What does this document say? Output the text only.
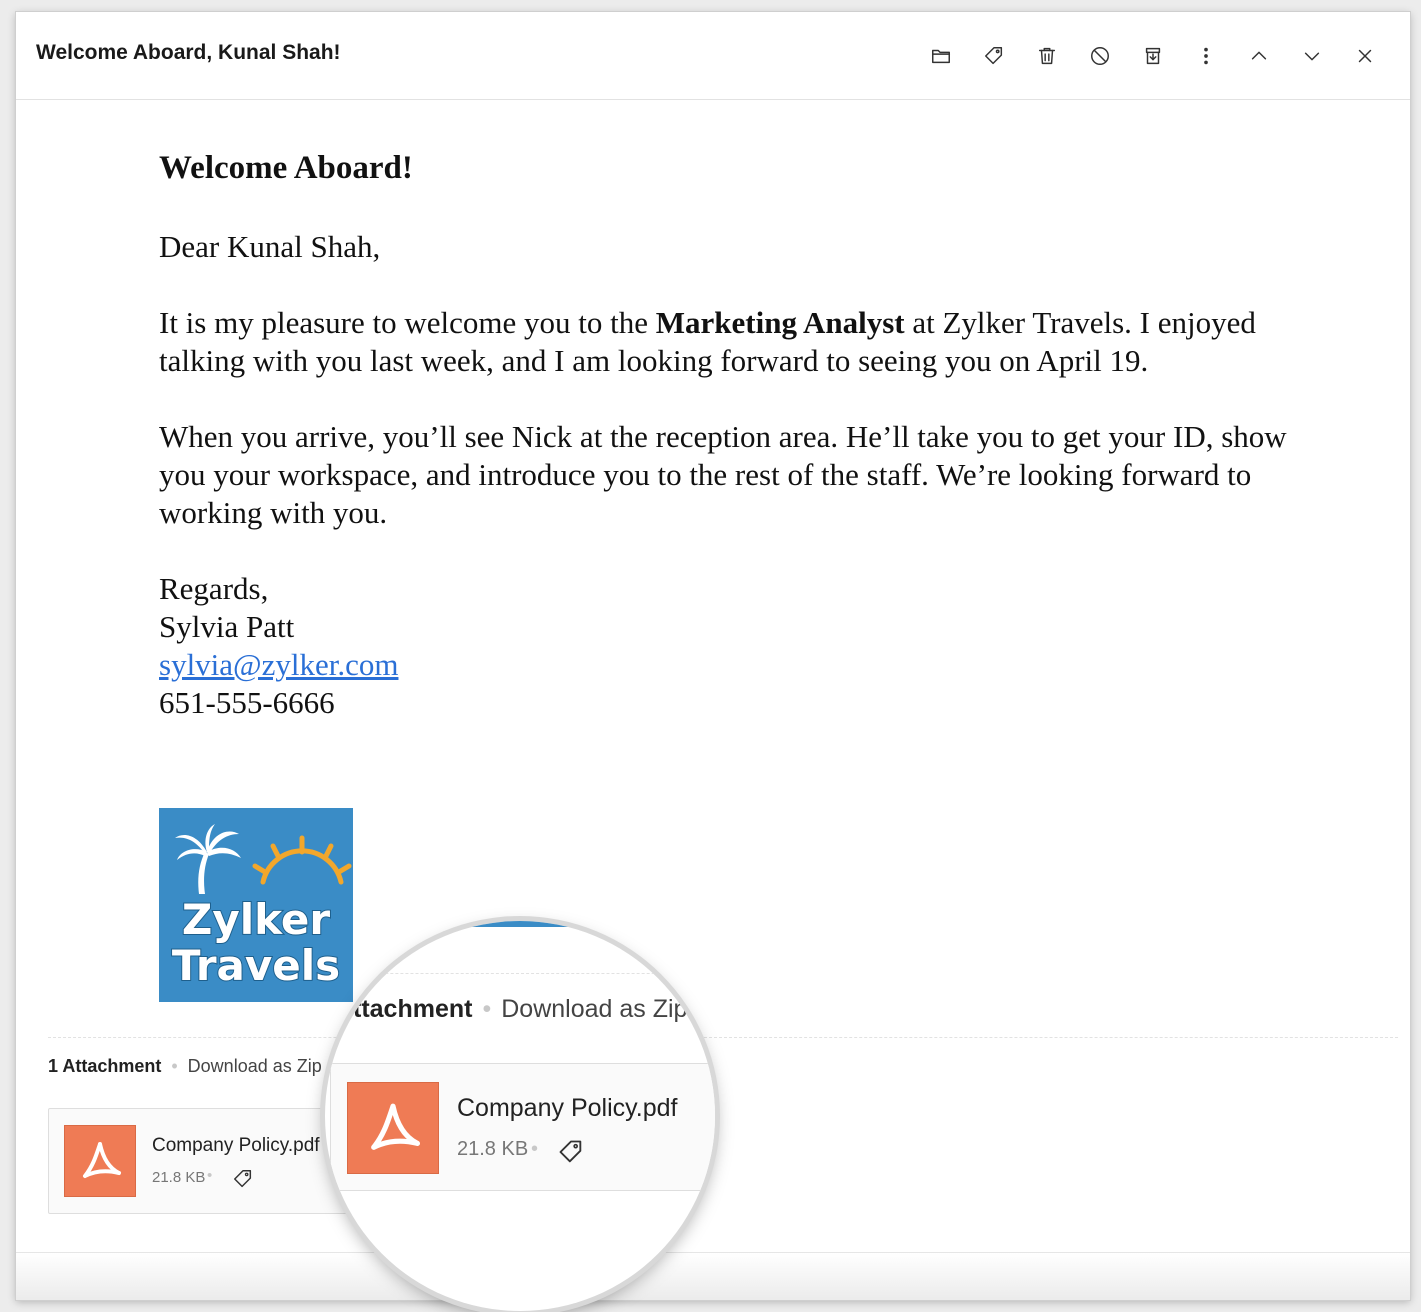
Welcome Aboard, Kunal Shah!
Welcome Aboard!

Dear Kunal Shah,

It is my pleasure to welcome you to the Marketing Analyst at Zylker Travels. I enjoyed talking with you last week, and I am looking forward to seeing you on April 19.

When you arrive, you’ll see Nick at the reception area. He’ll take you to get your ID, show you your workspace, and introduce you to the rest of the staff. We’re looking forward to working with you.

Regards,

Sylvia Patt

sylvia@zylker.com

651-555-6666

Zylker
Travels
1 Attachment • Download as Zip
Company Policy.pdf
21.8 KB •
ttachment • Download as Zip
Company Policy.pdf
21.8 KB •
